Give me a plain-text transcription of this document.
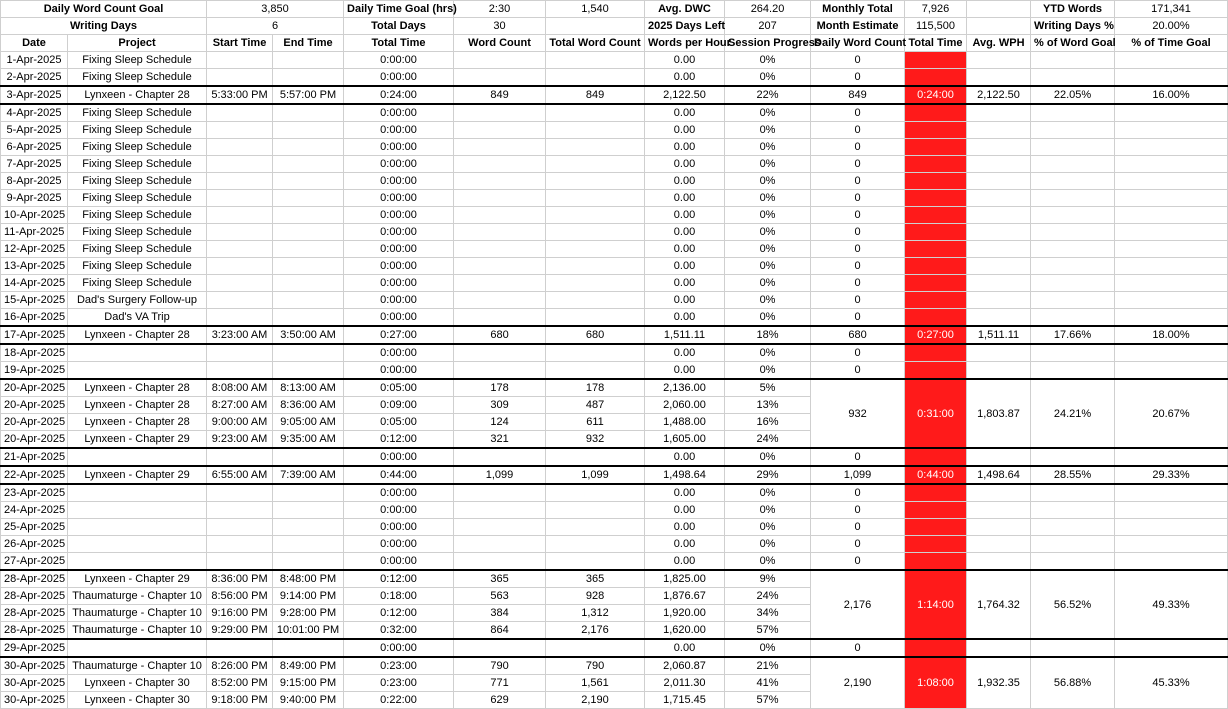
Daily Word Count Goal		3,850		Daily Time Goal (hrs)	2:30	1,540	Avg. DWC	264.20	Monthly Total	7,926		YTD Words	171,341
Writing Days		6		Total Days	30		2025 Days Left	207	Month Estimate	115,500		Writing Days %	20.00%
Date	Project	Start Time	End Time	Total Time	Word Count	Total Word Count	Words per Hour	Session Progress	Daily Word Count	Total Time	Avg. WPH	% of Word Goal	% of Time Goal
1-Apr-2025	Fixing Sleep Schedule			0:00:00			0.00	0%	0				
2-Apr-2025	Fixing Sleep Schedule			0:00:00			0.00	0%	0				
3-Apr-2025	Lynxeen - Chapter 28	5:33:00 PM	5:57:00 PM	0:24:00	849	849	2,122.50	22%	849	0:24:00	2,122.50	22.05%	16.00%
4-Apr-2025	Fixing Sleep Schedule			0:00:00			0.00	0%	0				
5-Apr-2025	Fixing Sleep Schedule			0:00:00			0.00	0%	0				
6-Apr-2025	Fixing Sleep Schedule			0:00:00			0.00	0%	0				
7-Apr-2025	Fixing Sleep Schedule			0:00:00			0.00	0%	0				
8-Apr-2025	Fixing Sleep Schedule			0:00:00			0.00	0%	0				
9-Apr-2025	Fixing Sleep Schedule			0:00:00			0.00	0%	0				
10-Apr-2025	Fixing Sleep Schedule			0:00:00			0.00	0%	0				
11-Apr-2025	Fixing Sleep Schedule			0:00:00			0.00	0%	0				
12-Apr-2025	Fixing Sleep Schedule			0:00:00			0.00	0%	0				
13-Apr-2025	Fixing Sleep Schedule			0:00:00			0.00	0%	0				
14-Apr-2025	Fixing Sleep Schedule			0:00:00			0.00	0%	0				
15-Apr-2025	Dad's Surgery Follow-up			0:00:00			0.00	0%	0				
16-Apr-2025	Dad's VA Trip			0:00:00			0.00	0%	0				
17-Apr-2025	Lynxeen - Chapter 28	3:23:00 AM	3:50:00 AM	0:27:00	680	680	1,511.11	18%	680	0:27:00	1,511.11	17.66%	18.00%
18-Apr-2025				0:00:00			0.00	0%	0				
19-Apr-2025				0:00:00			0.00	0%	0				
20-Apr-2025	Lynxeen - Chapter 28	8:08:00 AM	8:13:00 AM	0:05:00	178	178	2,136.00	5%	932	0:31:00	1,803.87	24.21%	20.67%
20-Apr-2025	Lynxeen - Chapter 28	8:27:00 AM	8:36:00 AM	0:09:00	309	487	2,060.00	13%					
20-Apr-2025	Lynxeen - Chapter 28	9:00:00 AM	9:05:00 AM	0:05:00	124	611	1,488.00	16%					
20-Apr-2025	Lynxeen - Chapter 29	9:23:00 AM	9:35:00 AM	0:12:00	321	932	1,605.00	24%					
21-Apr-2025				0:00:00			0.00	0%	0				
22-Apr-2025	Lynxeen - Chapter 29	6:55:00 AM	7:39:00 AM	0:44:00	1,099	1,099	1,498.64	29%	1,099	0:44:00	1,498.64	28.55%	29.33%
23-Apr-2025				0:00:00			0.00	0%	0				
24-Apr-2025				0:00:00			0.00	0%	0				
25-Apr-2025				0:00:00			0.00	0%	0				
26-Apr-2025				0:00:00			0.00	0%	0				
27-Apr-2025				0:00:00			0.00	0%	0				
28-Apr-2025	Lynxeen - Chapter 29	8:36:00 PM	8:48:00 PM	0:12:00	365	365	1,825.00	9%	2,176	1:14:00	1,764.32	56.52%	49.33%
28-Apr-2025	Thaumaturge - Chapter 10	8:56:00 PM	9:14:00 PM	0:18:00	563	928	1,876.67	24%					
28-Apr-2025	Thaumaturge - Chapter 10	9:16:00 PM	9:28:00 PM	0:12:00	384	1,312	1,920.00	34%					
28-Apr-2025	Thaumaturge - Chapter 10	9:29:00 PM	10:01:00 PM	0:32:00	864	2,176	1,620.00	57%					
29-Apr-2025				0:00:00			0.00	0%	0				
30-Apr-2025	Thaumaturge - Chapter 10	8:26:00 PM	8:49:00 PM	0:23:00	790	790	2,060.87	21%	2,190	1:08:00	1,932.35	56.88%	45.33%
30-Apr-2025	Lynxeen - Chapter 30	8:52:00 PM	9:15:00 PM	0:23:00	771	1,561	2,011.30	41%					
30-Apr-2025	Lynxeen - Chapter 30	9:18:00 PM	9:40:00 PM	0:22:00	629	2,190	1,715.45	57%					
